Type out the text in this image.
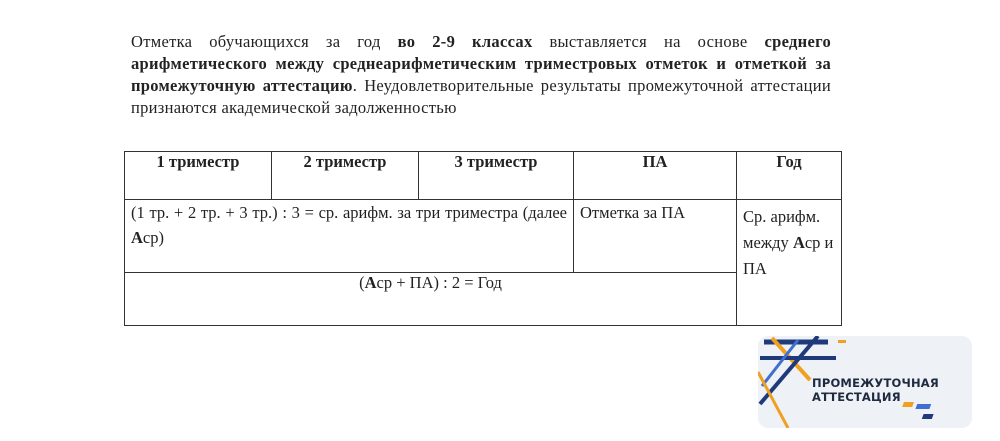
Отметка обучающихся за год во 2-9 классах выставляется на основе среднего арифметического между среднеарифметическим триместровых отметок и отметкой за промежуточную аттестацию. Неудовлетворительные результаты промежуточной аттестации признаются академической задолженностью
1 триместр	2 триместр	3 триместр	ПА	Год
(1 тр. + 2 тр. + 3 тр.) : 3 = ср. арифм. за три триместра (далее Аср)			Отметка за ПА	Ср. арифм. между Аср и ПА
(Аср + ПА) : 2 = Год				
ПРОМЕЖУТОЧНАЯ
АТТЕСТАЦИЯ
